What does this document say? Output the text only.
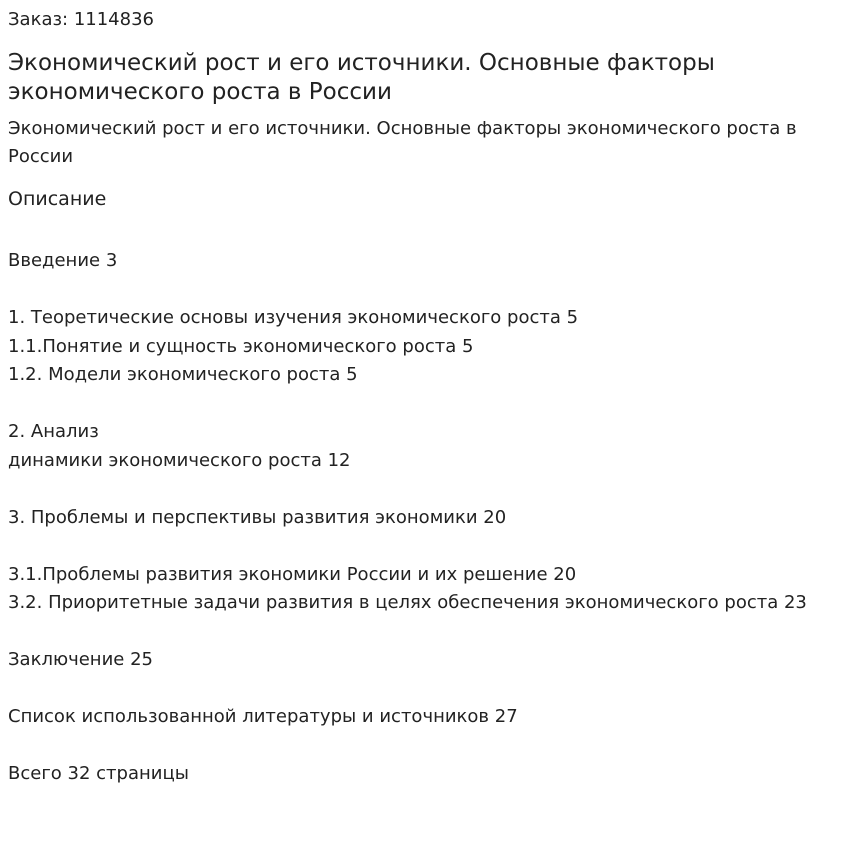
Заказ: 1114836

Экономический рост и его источники. Основные факторы экономического роста в России

Экономический рост и его источники. Основные факторы экономического роста в России

Описание

Введение 3
1. Теоретические основы изучения экономического роста 5
1.1.Понятие и сущность экономического роста 5
1.2. Модели экономического роста 5
2. Анализ
динамики экономического роста 12
3. Проблемы и перспективы развития экономики 20
3.1.Проблемы развития экономики России и их решение 20
3.2. Приоритетные задачи развития в целях обеспечения экономического роста 23
Заключение 25
Список использованной литературы и источников 27
Всего 32 страницы
